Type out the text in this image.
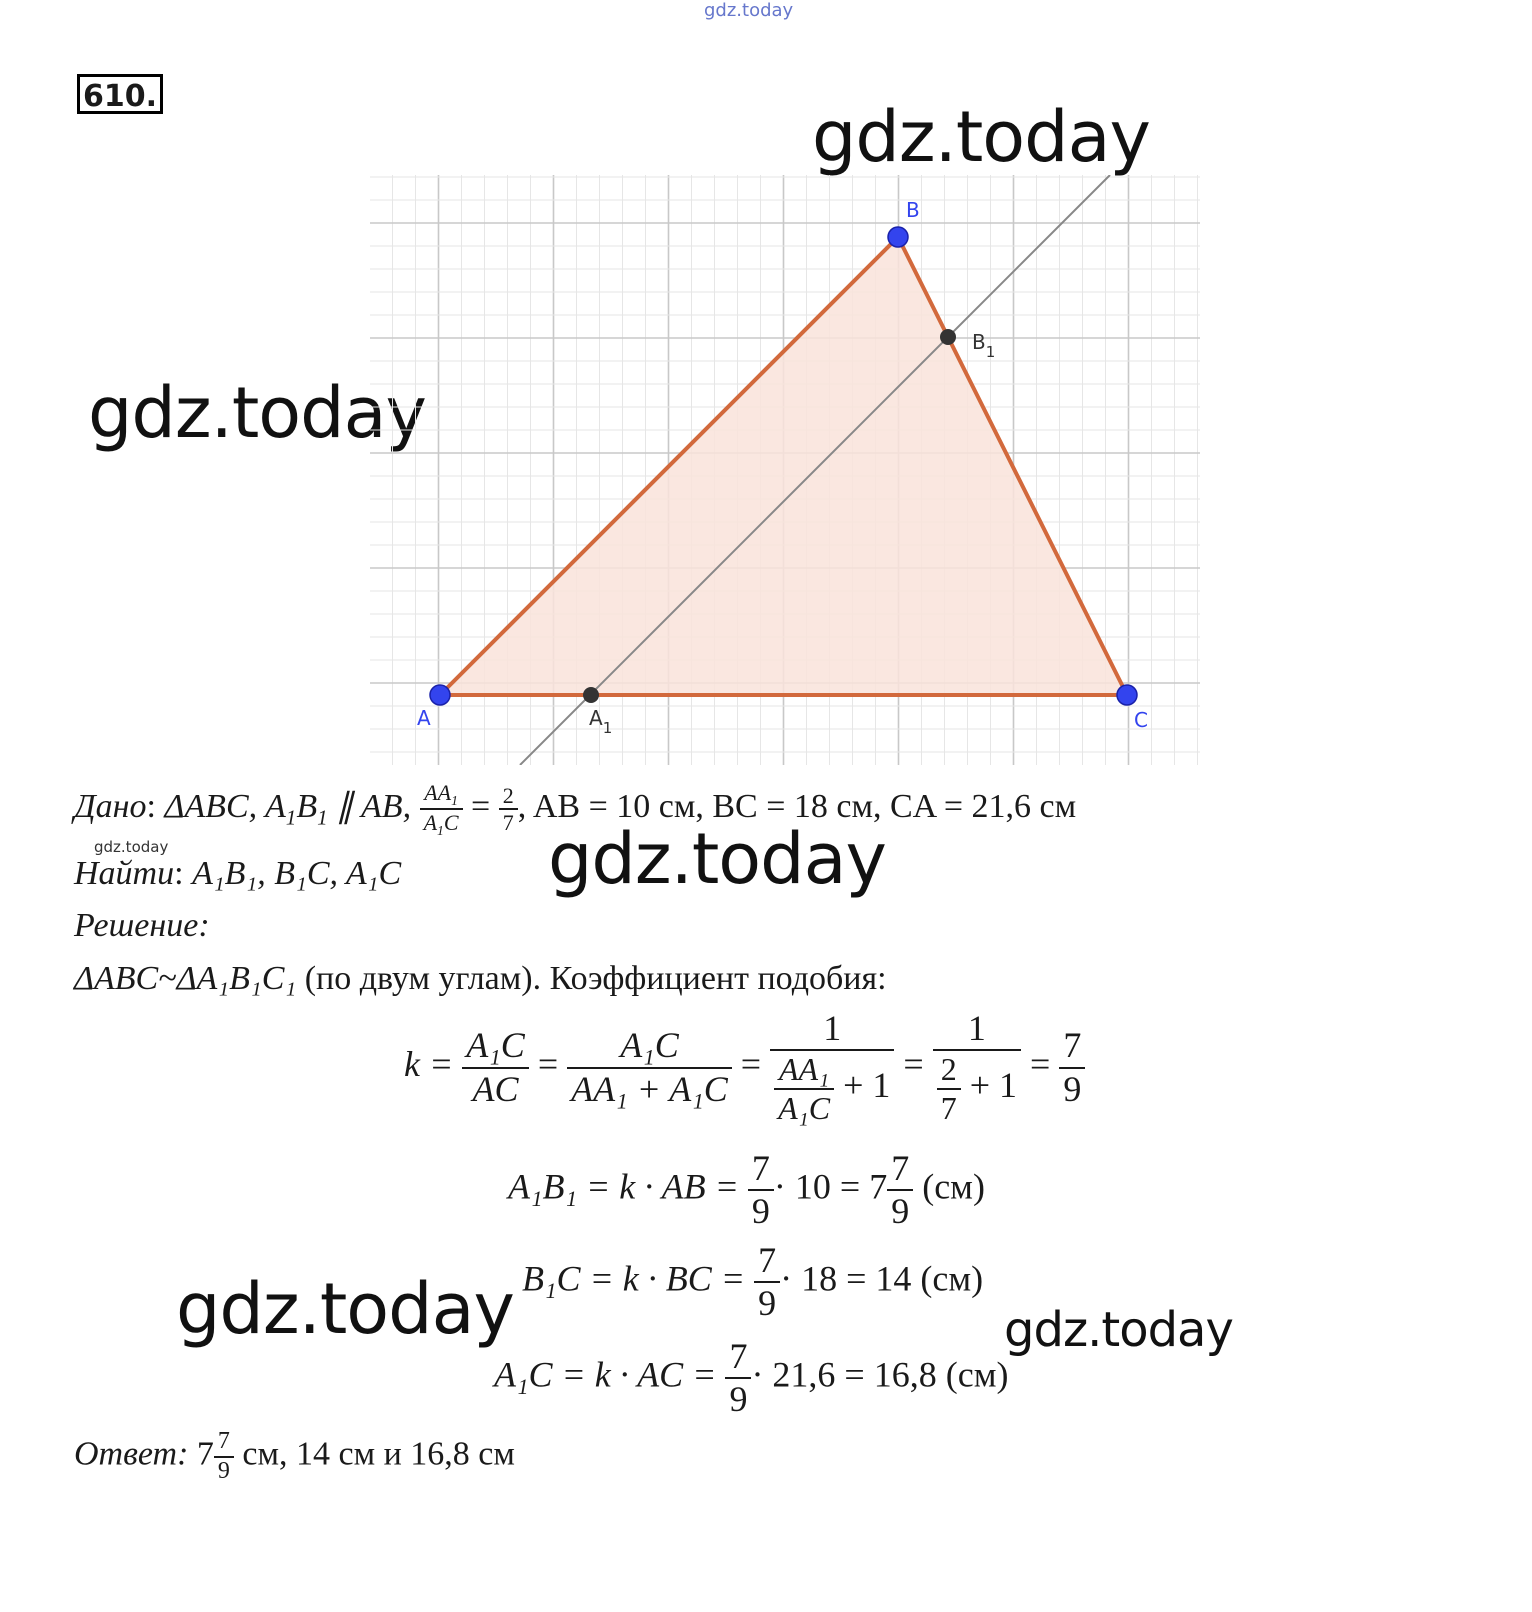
gdz.today
gdz.today
gdz.today
gdz.today
gdz.today	gdz.today
gdz.today
610.
A
B
C
$A_1$
$B_1$
Дано: ΔABC, $A_1B_1$ ∥ AB, $\frac{AA_1}{A_1C} = \frac{2}{7}$ , AB = 10 см, BC = 18 см, CA = 21,6 см
Найти: A₁B₁, B₁C, A₁C
Решение:
ΔABC~ΔA₁B₁C₁ (по двум углам). Коэффициент подобия:
$k = \frac{\text{A₁C}}{AC} = \frac{\text{A₁C}}{\text{AA₁ + A₁C}} = \frac{1}{\frac{\text{AA₁}}{\text{A₁C}} + 1} = \frac{1}{\frac{2}{7} + 1} = \frac{7}{9}$
A₁B₁ = k · AB = $\frac{7}{9} \cdot 10 = 7 \frac{7}{9} (см)$
B₁C = k · BC = $\frac{7}{9} \cdot 18 = 14$ (см)
A₁C = k · AC = $\frac{7}{9} \cdot 21,6 = 16,8$ (см)
Ответ: $7 \frac{7}{9}$ см, 14 см и 16,8 см
